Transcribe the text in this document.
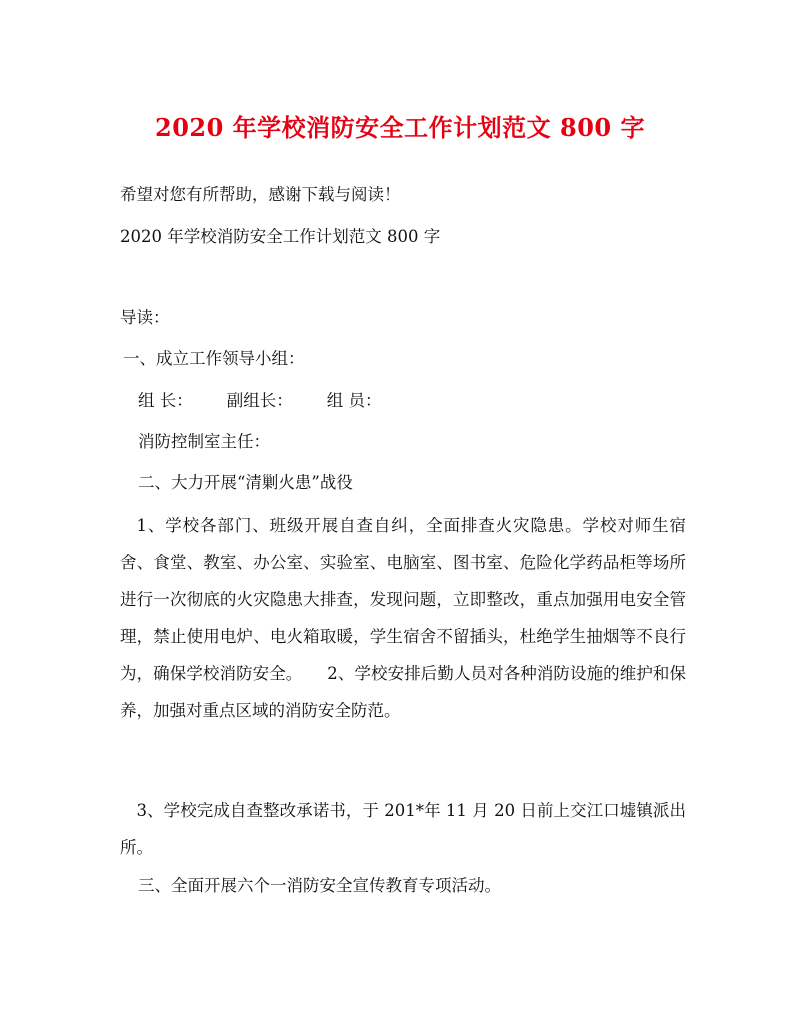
2020 年学校消防安全工作计划范文 800 字
希望对您有所帮助，感谢下载与阅读！
2020 年学校消防安全工作计划范文 800 字
导读：
一、成立工作领导小组：
组 长： 副组长： 组 员：
消防控制室主任：
二、大力开展“清剿火患”战役
1、学校各部门、班级开展自查自纠，全面排查火灾隐患。学校对师生宿舍、食堂、教室、办公室、实验室、电脑室、图书室、危险化学药品柜等场所进行一次彻底的火灾隐患大排查，发现问题，立即整改，重点加强用电安全管理，禁止使用电炉、电火箱取暖，学生宿舍不留插头，杜绝学生抽烟等不良行为，确保学校消防安全。　　2、学校安排后勤人员对各种消防设施的维护和保养，加强对重点区域的消防安全防范。
3、学校完成自查整改承诺书，于 201*年 11 月 20 日前上交江口墟镇派出所。
三、全面开展六个一消防安全宣传教育专项活动。
